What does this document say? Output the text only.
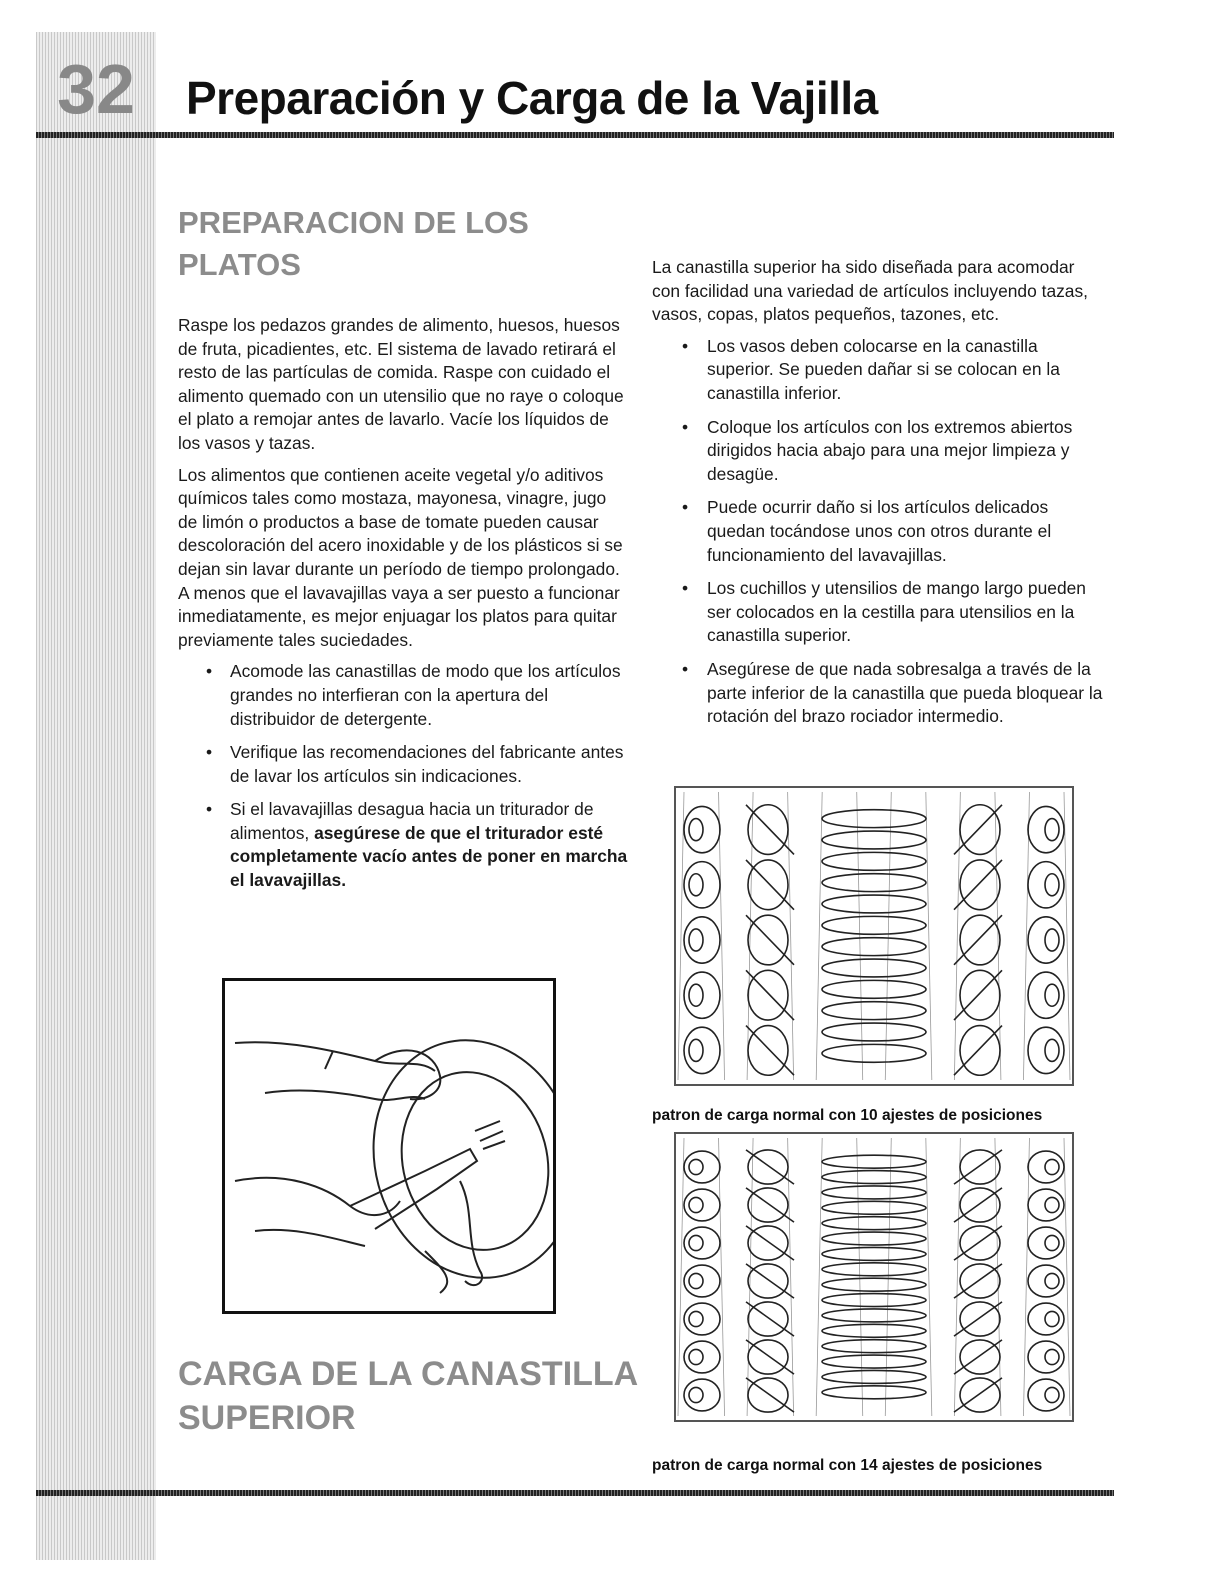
32	Preparación y Carga de la Vajilla
PREPARACION DE LOS PLATOS

Raspe los pedazos grandes de alimento, huesos, huesos de fruta, picadientes, etc. El sistema de lavado retirará el resto de las partículas de comida. Raspe con cuidado el alimento quemado con un utensilio que no raye o coloque el plato a remojar antes de lavarlo. Vacíe los líquidos de los vasos y tazas.

Los alimentos que contienen aceite vegetal y/o aditivos químicos tales como mostaza, mayonesa, vinagre, jugo de limón o productos a base de tomate pueden causar descoloración del acero inoxidable y de los plásticos si se dejan sin lavar durante un período de tiempo prolongado. A menos que el lavavajillas vaya a ser puesto a funcionar inmediatamente, es mejor enjuagar los platos para quitar previamente tales suciedades.

• Acomode las canastillas de modo que los artículos grandes no interfieran con la apertura del distribuidor de detergente.
• Verifique las recomendaciones del fabricante antes de lavar los artículos sin indicaciones.
• Si el lavavajillas desagua hacia un triturador de alimentos, asegúrese de que el triturador esté completamente vacío antes de poner en marcha el lavavajillas.
CARGA DE LA CANASTILLA SUPERIOR

La canastilla superior ha sido diseñada para acomodar con facilidad una variedad de artículos incluyendo tazas, vasos, copas, platos pequeños, tazones, etc.

• Los vasos deben colocarse en la canastilla superior. Se pueden dañar si se colocan en la canastilla inferior.
• Coloque los artículos con los extremos abiertos dirigidos hacia abajo para una mejor limpieza y desagüe.
• Puede ocurrir daño si los artículos delicados quedan tocándose unos con otros durante el funcionamiento del lavavajillas.
• Los cuchillos y utensilios de mango largo pueden ser colocados en la cestilla para utensilios en la canastilla superior.
• Asegúrese de que nada sobresalga a través de la parte inferior de la canastilla que pueda bloquear la rotación del brazo rociador intermedio.
patron de carga normal con 10 ajestes de posiciones
patron de carga normal con 14 ajestes de posiciones
